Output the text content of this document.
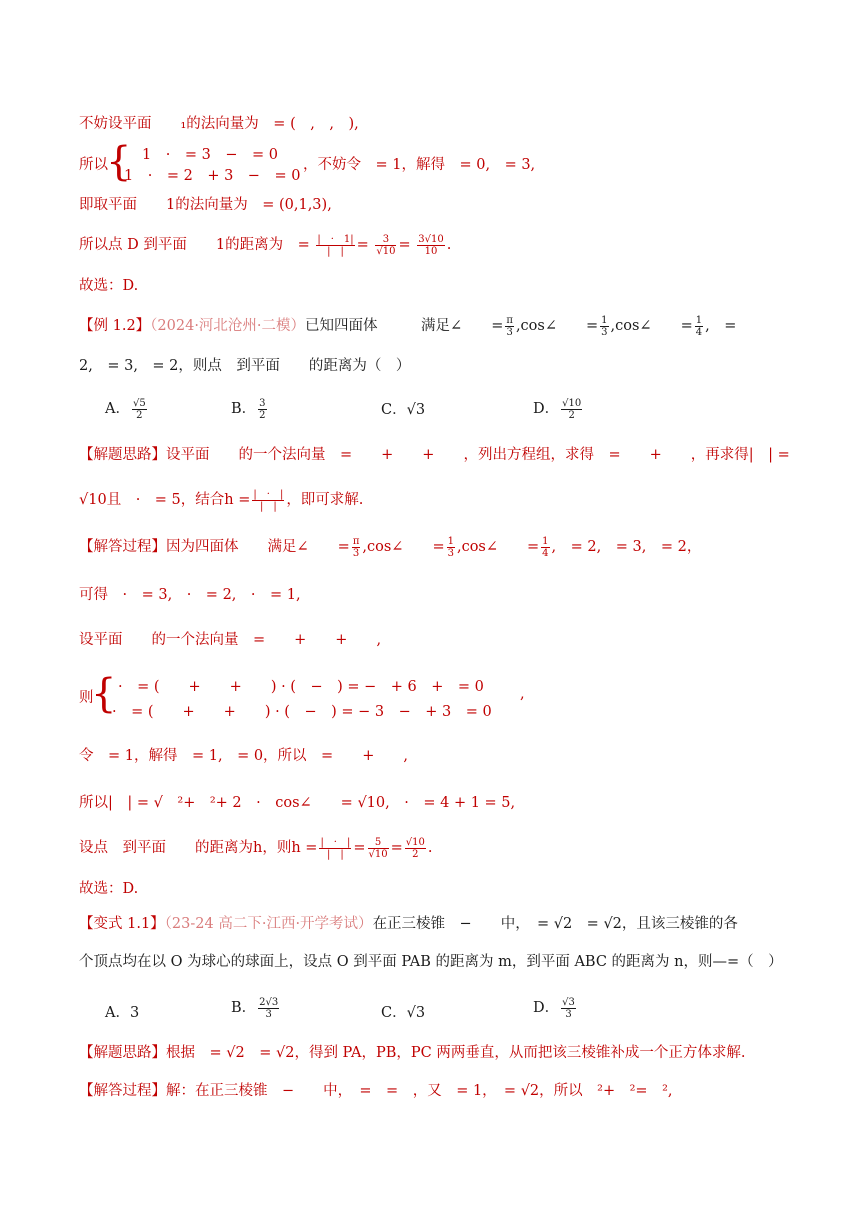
不妨设平面　　₁的法向量为　= (　,　,　),
所以
{ 1　·　= 3　−　= 0
1　·　= 2　+ 3　−　= 0
，不妨令　= 1，解得　= 0,　= 3,
即取平面　　1的法向量为　= (0,1,3),
所以点 D 到平面　　1的距离为　= $\frac{| \cdot 1|}{| |} = \frac{3}{√10} = \frac{3√10}{10}$ .
故选：D.
【例 1.2】（2024·河北沧州·二模）已知四面体　　　满足∠　　= $\frac{\pi}{3}$ ,cos∠　　= $\frac{1}{3}$ ,cos∠　　= $\frac{1}{4}$ ,　=
2,　= 3,　= 2，则点　到平面　　的距离为（　）
A． $\frac{√5}{2}$	B． $\frac{3}{2}$	C．√3	D． $\frac{√10}{2}$
【解题思路】设平面　　的一个法向量　=　　+　　+　　，列出方程组，求得　=　　+　　，再求得|　| =
√10且　·　= 5，结合$h = \frac{| \cdot |}{| |}$ ，即可求解.
【解答过程】因为四面体　　满足∠　　= $\frac{\pi}{3}$ ,cos∠　　= $\frac{1}{3}$ ,cos∠　　= $\frac{1}{4}$ ,　= 2,　= 3,　= 2，
可得　·　= 3,　·　= 2,　·　= 1,
设平面　　的一个法向量　=　　+　　+　　,
则
{ ·　= (　　+　　+　　) · (　−　) = −　+ 6　+　= 0
·　= (　　+　　+　　) · (　−　) = − 3　−　+ 3　= 0
,
令　= 1，解得　= 1,　= 0，所以　=　　+　　,
所以|　| = √　²+　²+ 2　·　cos∠　　= √10,　·　= 4 + 1 = 5,
设点　到平面　　的距离为h，则$h = \frac{| \cdot |}{| |} = \frac{5}{√10} = \frac{√10}{2}$ .
故选：D.
【变式 1.1】（23-24 高二下·江西·开学考试）在正三棱锥　−　　中，　= √2　= √2，且该三棱锥的各
个顶点均在以 O 为球心的球面上，设点 O 到平面 PAB 的距离为 m，到平面 ABC 的距离为 n，则—=（　）
A．3	B． $\frac{2√3}{3}$	C．√3	D． $\frac{√3}{3}$
【解题思路】根据　= √2　= √2，得到 PA，PB，PC 两两垂直，从而把该三棱锥补成一个正方体求解.
【解答过程】解：在正三棱锥　−　　中，　=　=　，又　= 1，　= √2，所以　²+　²=　²,
